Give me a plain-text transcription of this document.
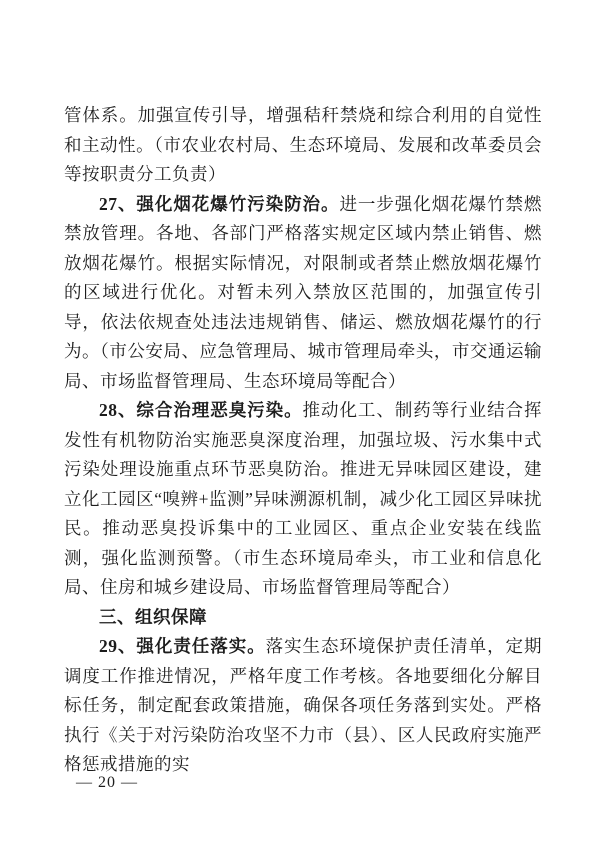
管体系。加强宣传引导，增强秸秆禁烧和综合利用的自觉性和主动性。（市农业农村局、生态环境局、发展和改革委员会等按职责分工负责）

27、强化烟花爆竹污染防治。进一步强化烟花爆竹禁燃禁放管理。各地、各部门严格落实规定区域内禁止销售、燃放烟花爆竹。根据实际情况，对限制或者禁止燃放烟花爆竹的区域进行优化。对暂未列入禁放区范围的，加强宣传引导，依法依规查处违法违规销售、储运、燃放烟花爆竹的行为。（市公安局、应急管理局、城市管理局牵头，市交通运输局、市场监督管理局、生态环境局等配合）

28、综合治理恶臭污染。推动化工、制药等行业结合挥发性有机物防治实施恶臭深度治理，加强垃圾、污水集中式污染处理设施重点环节恶臭防治。推进无异味园区建设，建立化工园区“嗅辨+监测”异味溯源机制，减少化工园区异味扰民。推动恶臭投诉集中的工业园区、重点企业安装在线监测，强化监测预警。（市生态环境局牵头，市工业和信息化局、住房和城乡建设局、市场监督管理局等配合）

三、组织保障

29、强化责任落实。落实生态环境保护责任清单，定期调度工作推进情况，严格年度工作考核。各地要细化分解目标任务，制定配套政策措施，确保各项任务落到实处。严格执行《关于对污染防治攻坚不力市（县）、区人民政府实施严格惩戒措施的实

— 20 —
